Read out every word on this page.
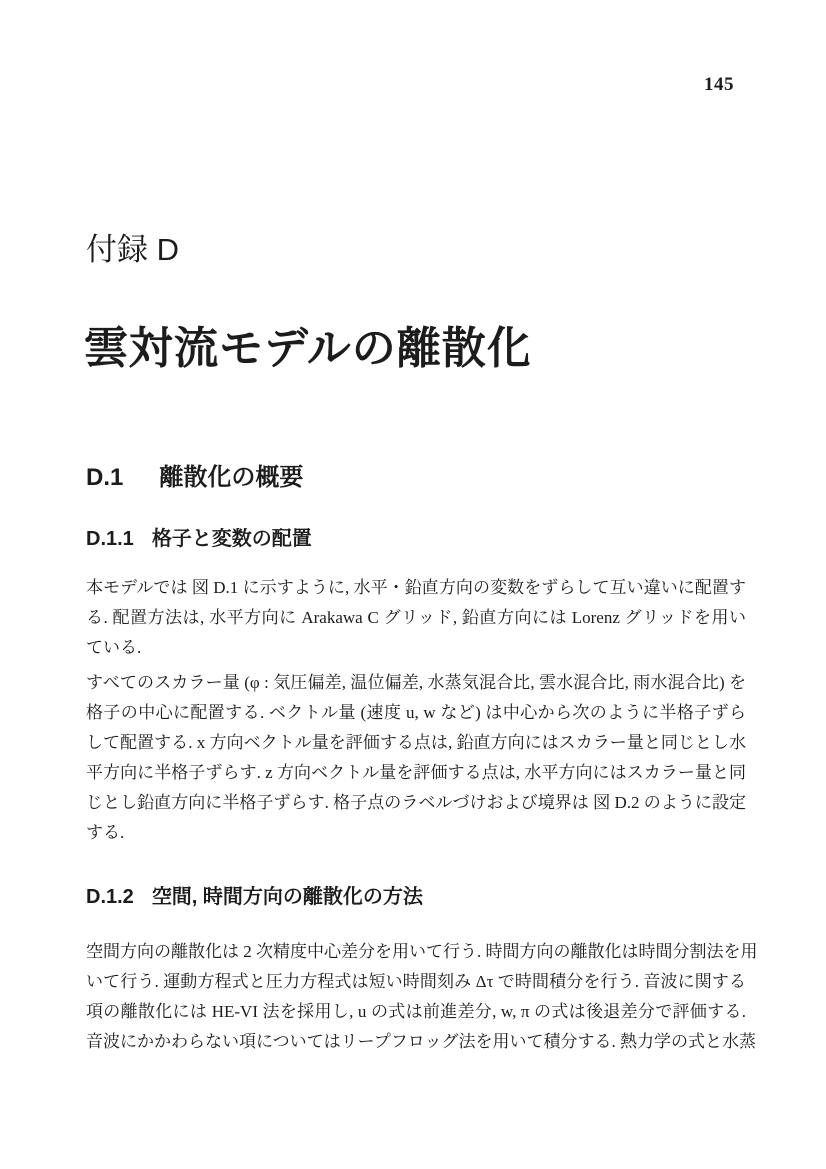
145
付録 D
雲対流モデルの離散化
D.1 離散化の概要
D.1.1 格子と変数の配置
本モデルでは 図 D.1 に示すように, 水平・鉛直方向の変数をずらして互い違いに配置す
る. 配置方法は, 水平方向に Arakawa C グリッド, 鉛直方向には Lorenz グリッドを用い
ている.
すべてのスカラー量 (φ : 気圧偏差, 温位偏差, 水蒸気混合比, 雲水混合比, 雨水混合比) を
格子の中心に配置する. ベクトル量 (速度 u, w など) は中心から次のように半格子ずら
して配置する. x 方向ベクトル量を評価する点は, 鉛直方向にはスカラー量と同じとし水
平方向に半格子ずらす. z 方向ベクトル量を評価する点は, 水平方向にはスカラー量と同
じとし鉛直方向に半格子ずらす. 格子点のラベルづけおよび境界は 図 D.2 のように設定
する.
D.1.2 空間, 時間方向の離散化の方法
空間方向の離散化は 2 次精度中心差分を用いて行う. 時間方向の離散化は時間分割法を用
いて行う. 運動方程式と圧力方程式は短い時間刻み Δτ で時間積分を行う. 音波に関する
項の離散化には HE-VI 法を採用し, u の式は前進差分, w, π の式は後退差分で評価する.
音波にかかわらない項についてはリープフロッグ法を用いて積分する. 熱力学の式と水蒸
